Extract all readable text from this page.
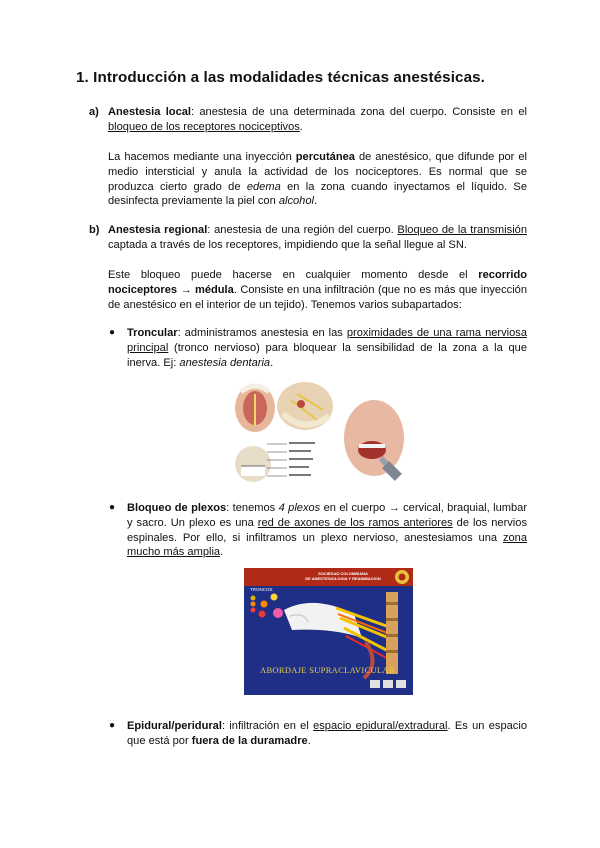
1. Introducción a las modalidades técnicas anestésicas.
a) Anestesia local: anestesia de una determinada zona del cuerpo. Consiste en el bloqueo de los receptores nociceptivos.
La hacemos mediante una inyección percutánea de anestésico, que difunde por el medio intersticial y anula la actividad de los nociceptores. Es normal que se produzca cierto grado de edema en la zona cuando inyectamos el líquido. Se desinfecta previamente la piel con alcohol.
b) Anestesia regional: anestesia de una región del cuerpo. Bloqueo de la transmisión captada a través de los receptores, impidiendo que la señal llegue al SN.
Este bloqueo puede hacerse en cualquier momento desde el recorrido nociceptores → médula. Consiste en una infiltración (que no es más que inyección de anestésico en el interior de un tejido). Tenemos varios subapartados:
● Troncular: administramos anestesia en las proximidades de una rama nerviosa principal (tronco nervioso) para bloquear la sensibilidad de la zona a la que inerva. Ej: anestesia dentaria.
● Bloqueo de plexos: tenemos 4 plexos en el cuerpo → cervical, braquial, lumbar y sacro. Un plexo es una red de axones de los ramos anteriores de los nervios espinales. Por ello, si infiltramos un plexo nervioso, anestesiamos una zona mucho más amplia.
SOCIEDAD COLOMBIANA
DE ANESTESIOLOGIA Y REANIMACION
TRONCOS
ABORDAJE SUPRACLAVICULAR
● Epidural/peridural: infiltración en el espacio epidural/extradural. Es un espacio que está por fuera de la duramadre.
